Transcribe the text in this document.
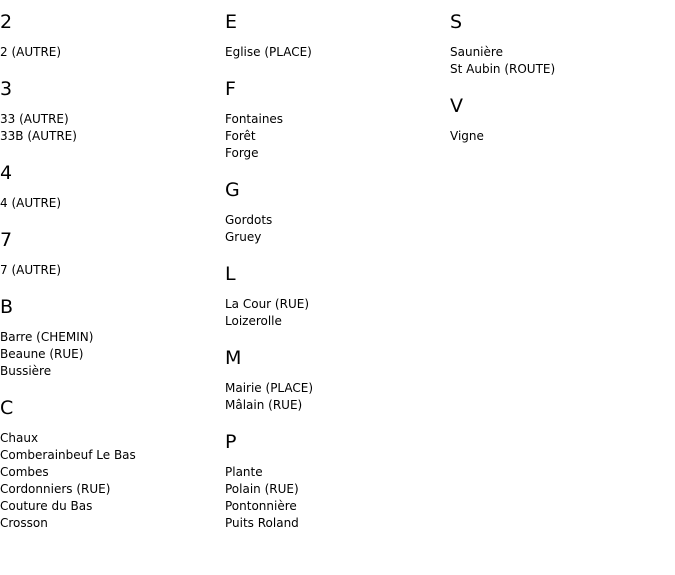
2
2 (AUTRE)
3
33 (AUTRE)
33B (AUTRE)
4
4 (AUTRE)
7
7 (AUTRE)
B
Barre (CHEMIN)
Beaune (RUE)
Bussière
C
Chaux
Comberainbeuf Le Bas
Combes
Cordonniers (RUE)
Couture du Bas
Crosson
E
Eglise (PLACE)
F
Fontaines
Forêt
Forge
G
Gordots
Gruey
L
La Cour (RUE)
Loizerolle
M
Mairie (PLACE)
Mâlain (RUE)
P
Plante
Polain (RUE)
Pontonnière
Puits Roland
S
Saunière
St Aubin (ROUTE)
V
Vigne
